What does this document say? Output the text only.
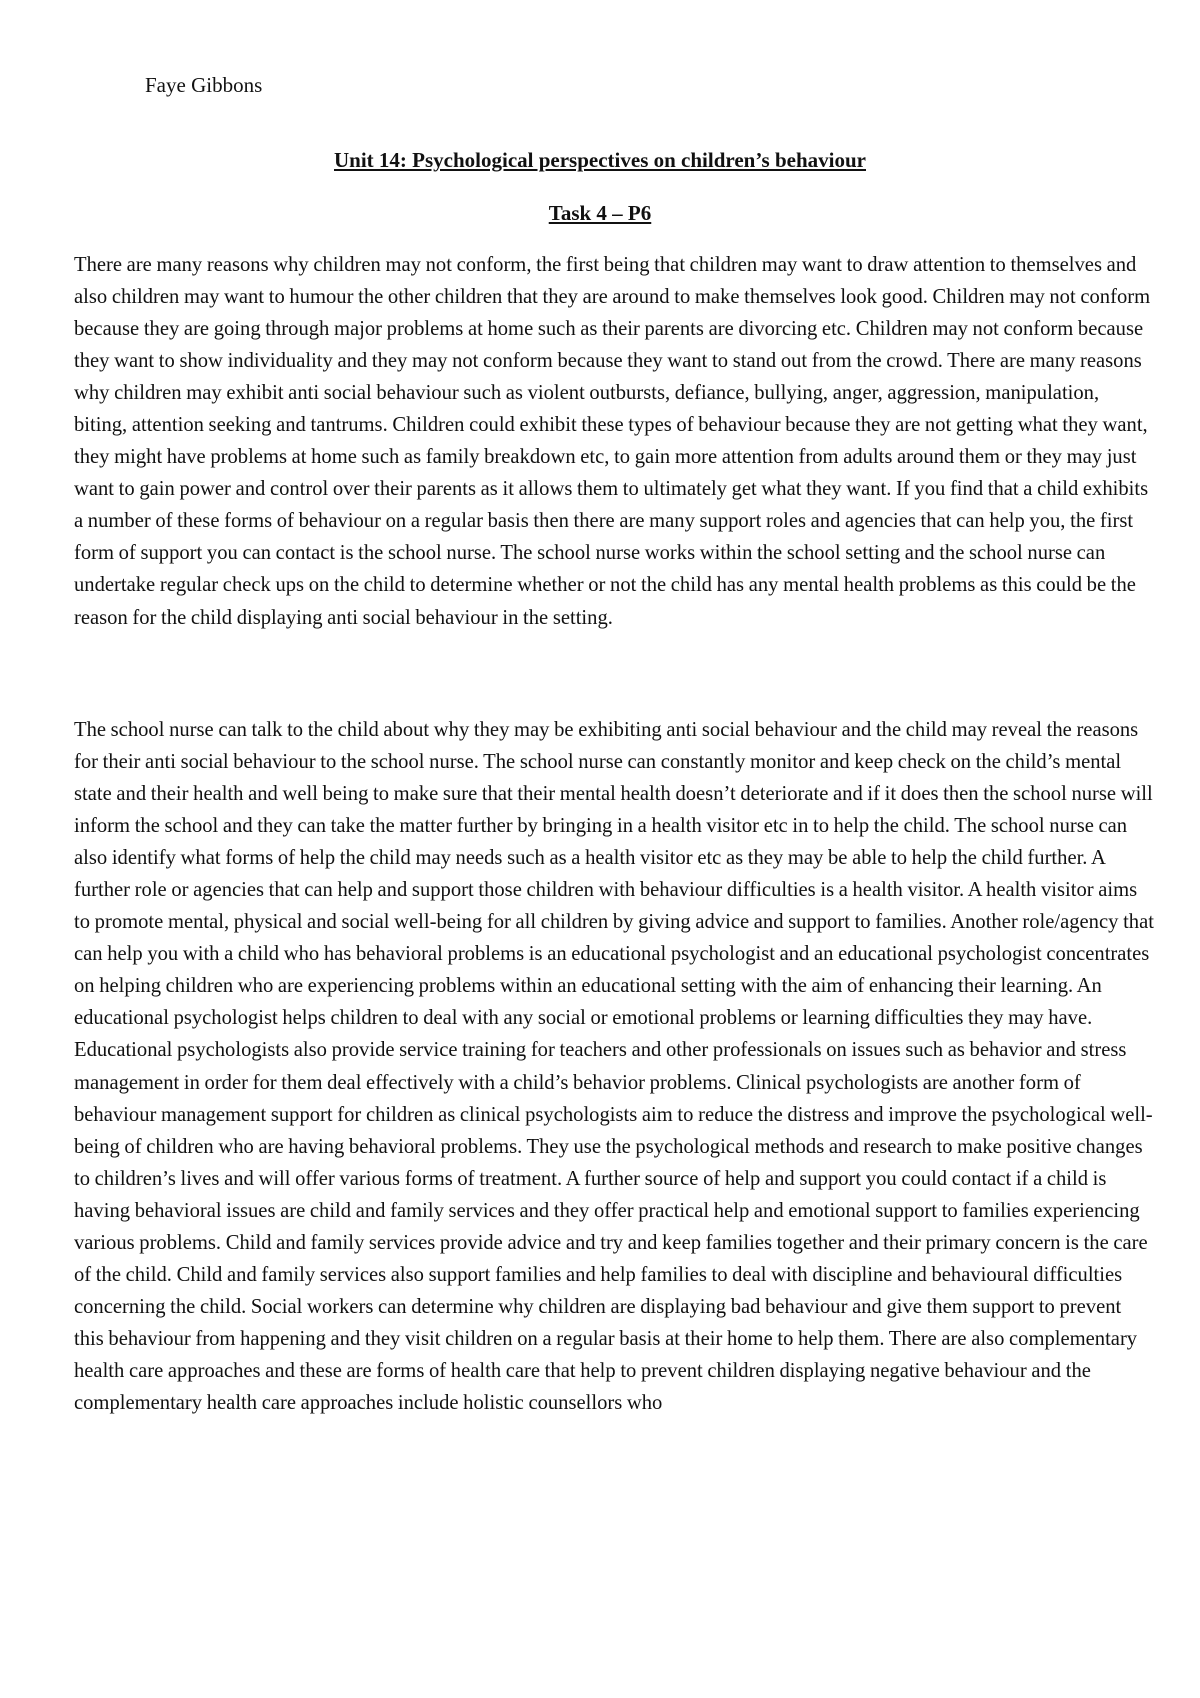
Faye Gibbons

Unit 14: Psychological perspectives on children’s behaviour
Task 4 – P6

There are many reasons why children may not conform, the first being that children may want to draw attention to themselves and also children may want to humour the other children that they are around to make themselves look good. Children may not conform because they are going through major problems at home such as their parents are divorcing etc. Children may not conform because they want to show individuality and they may not conform because they want to stand out from the crowd. There are many reasons why children may exhibit anti social behaviour such as violent outbursts, defiance, bullying, anger, aggression, manipulation, biting, attention seeking and tantrums. Children could exhibit these types of behaviour because they are not getting what they want, they might have problems at home such as family breakdown etc, to gain more attention from adults around them or they may just want to gain power and control over their parents as it allows them to ultimately get what they want. If you find that a child exhibits a number of these forms of behaviour on a regular basis then there are many support roles and agencies that can help you, the first form of support you can contact is the school nurse. The school nurse works within the school setting and the school nurse can undertake regular check ups on the child to determine whether or not the child has any mental health problems as this could be the reason for the child displaying anti social behaviour in the setting.

The school nurse can talk to the child about why they may be exhibiting anti social behaviour and the child may reveal the reasons for their anti social behaviour to the school nurse. The school nurse can constantly monitor and keep check on the child’s mental state and their health and well being to make sure that their mental health doesn’t deteriorate and if it does then the school nurse will inform the school and they can take the matter further by bringing in a health visitor etc in to help the child. The school nurse can also identify what forms of help the child may needs such as a health visitor etc as they may be able to help the child further. A further role or agencies that can help and support those children with behaviour difficulties is a health visitor. A health visitor aims to promote mental, physical and social well-being for all children by giving advice and support to families. Another role/agency that can help you with a child who has behavioral problems is an educational psychologist and an educational psychologist concentrates on helping children who are experiencing problems within an educational setting with the aim of enhancing their learning. An educational psychologist helps children to deal with any social or emotional problems or learning difficulties they may have. Educational psychologists also provide service training for teachers and other professionals on issues such as behavior and stress management in order for them deal effectively with a child’s behavior problems. Clinical psychologists are another form of behaviour management support for children as clinical psychologists aim to reduce the distress and improve the psychological well-being of children who are having behavioral problems. They use the psychological methods and research to make positive changes to children’s lives and will offer various forms of treatment. A further source of help and support you could contact if a child is having behavioral issues are child and family services and they offer practical help and emotional support to families experiencing various problems. Child and family services provide advice and try and keep families together and their primary concern is the care of the child. Child and family services also support families and help families to deal with discipline and behavioural difficulties concerning the child. Social workers can determine why children are displaying bad behaviour and give them support to prevent this behaviour from happening and they visit children on a regular basis at their home to help them. There are also complementary health care approaches and these are forms of health care that help to prevent children displaying negative behaviour and the complementary health care approaches include holistic counsellors who
